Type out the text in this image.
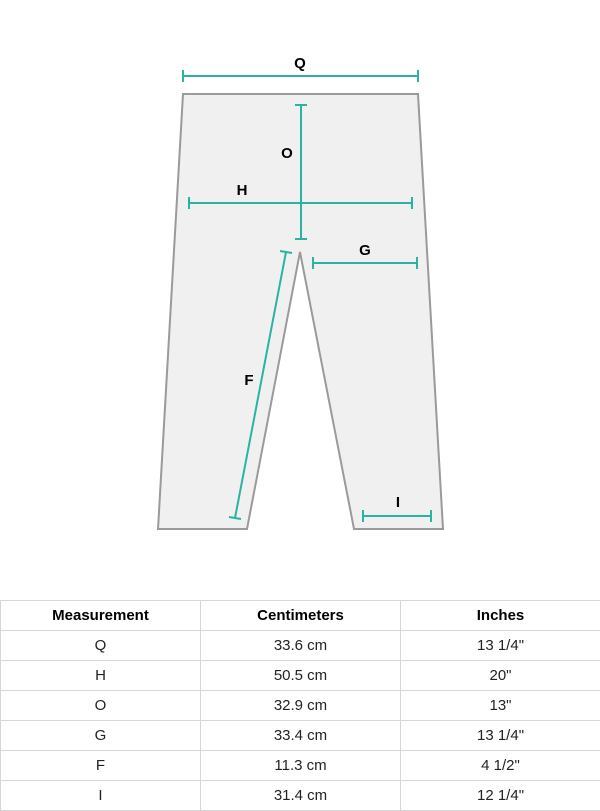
Q
O
H
G
F
I
Measurement	Centimeters	Inches
Q	33.6 cm	13 1/4"
H	50.5 cm	20"
O	32.9 cm	13"
G	33.4 cm	13 1/4"
F	11.3 cm	4 1/2"
I	31.4 cm	12 1/4"
